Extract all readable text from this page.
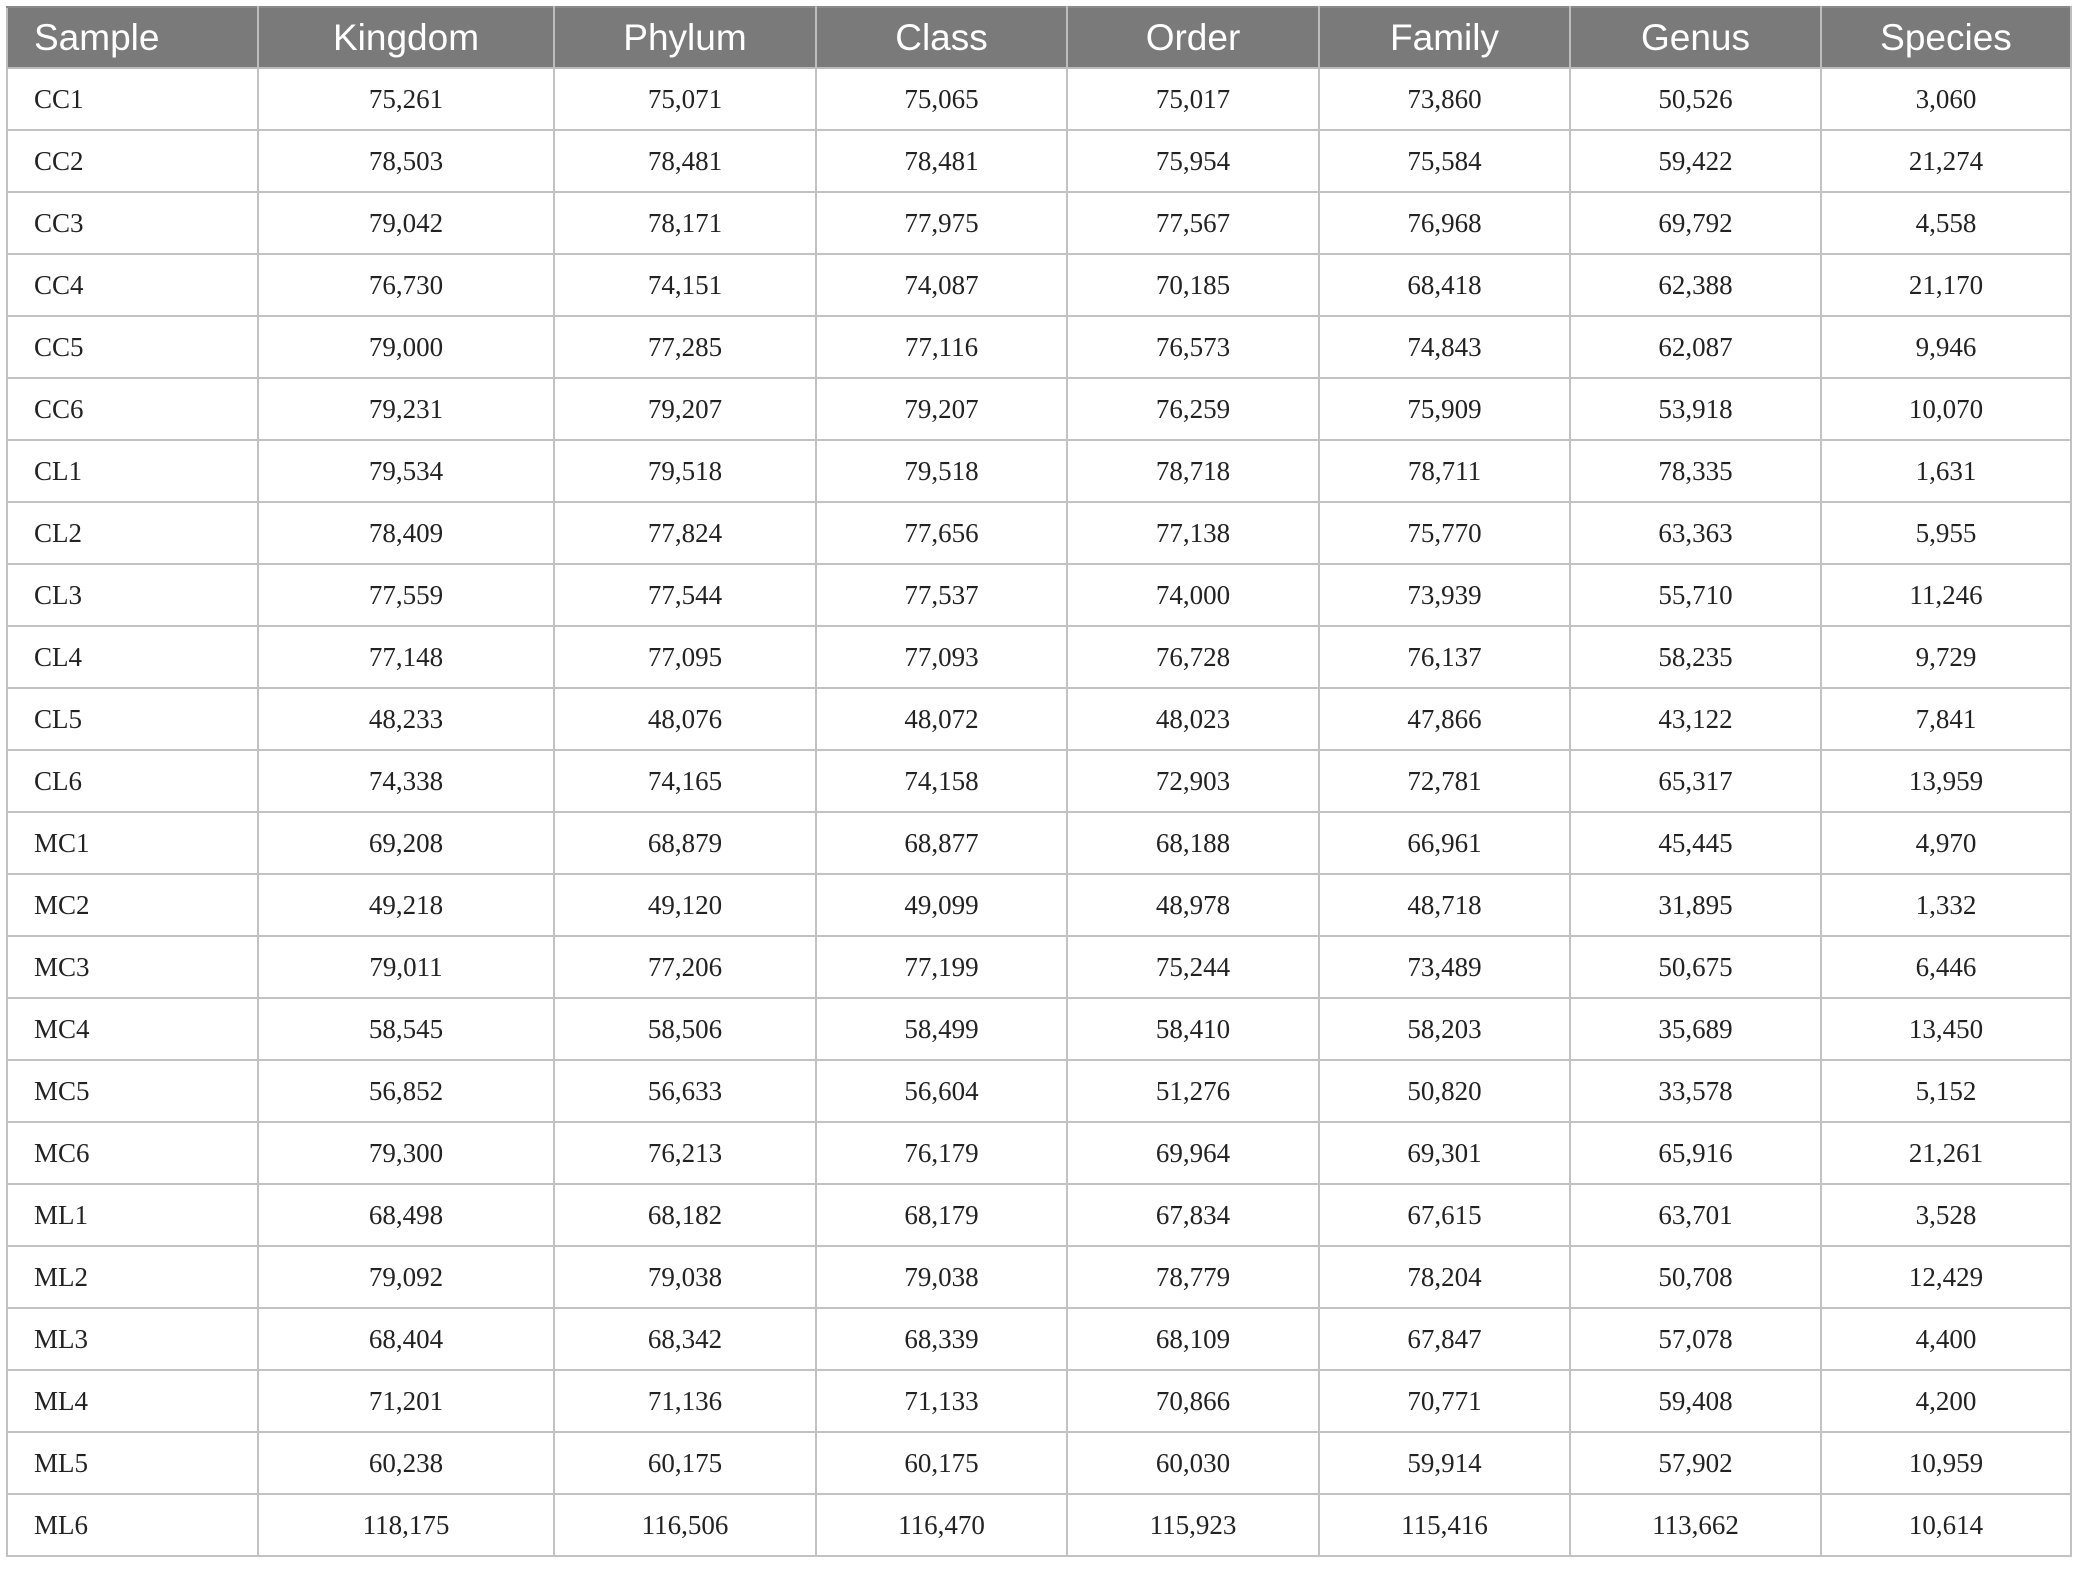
Sample	Kingdom	Phylum	Class	Order	Family	Genus	Species
CC1	75,261	75,071	75,065	75,017	73,860	50,526	3,060
CC2	78,503	78,481	78,481	75,954	75,584	59,422	21,274
CC3	79,042	78,171	77,975	77,567	76,968	69,792	4,558
CC4	76,730	74,151	74,087	70,185	68,418	62,388	21,170
CC5	79,000	77,285	77,116	76,573	74,843	62,087	9,946
CC6	79,231	79,207	79,207	76,259	75,909	53,918	10,070
CL1	79,534	79,518	79,518	78,718	78,711	78,335	1,631
CL2	78,409	77,824	77,656	77,138	75,770	63,363	5,955
CL3	77,559	77,544	77,537	74,000	73,939	55,710	11,246
CL4	77,148	77,095	77,093	76,728	76,137	58,235	9,729
CL5	48,233	48,076	48,072	48,023	47,866	43,122	7,841
CL6	74,338	74,165	74,158	72,903	72,781	65,317	13,959
MC1	69,208	68,879	68,877	68,188	66,961	45,445	4,970
MC2	49,218	49,120	49,099	48,978	48,718	31,895	1,332
MC3	79,011	77,206	77,199	75,244	73,489	50,675	6,446
MC4	58,545	58,506	58,499	58,410	58,203	35,689	13,450
MC5	56,852	56,633	56,604	51,276	50,820	33,578	5,152
MC6	79,300	76,213	76,179	69,964	69,301	65,916	21,261
ML1	68,498	68,182	68,179	67,834	67,615	63,701	3,528
ML2	79,092	79,038	79,038	78,779	78,204	50,708	12,429
ML3	68,404	68,342	68,339	68,109	67,847	57,078	4,400
ML4	71,201	71,136	71,133	70,866	70,771	59,408	4,200
ML5	60,238	60,175	60,175	60,030	59,914	57,902	10,959
ML6	118,175	116,506	116,470	115,923	115,416	113,662	10,614
